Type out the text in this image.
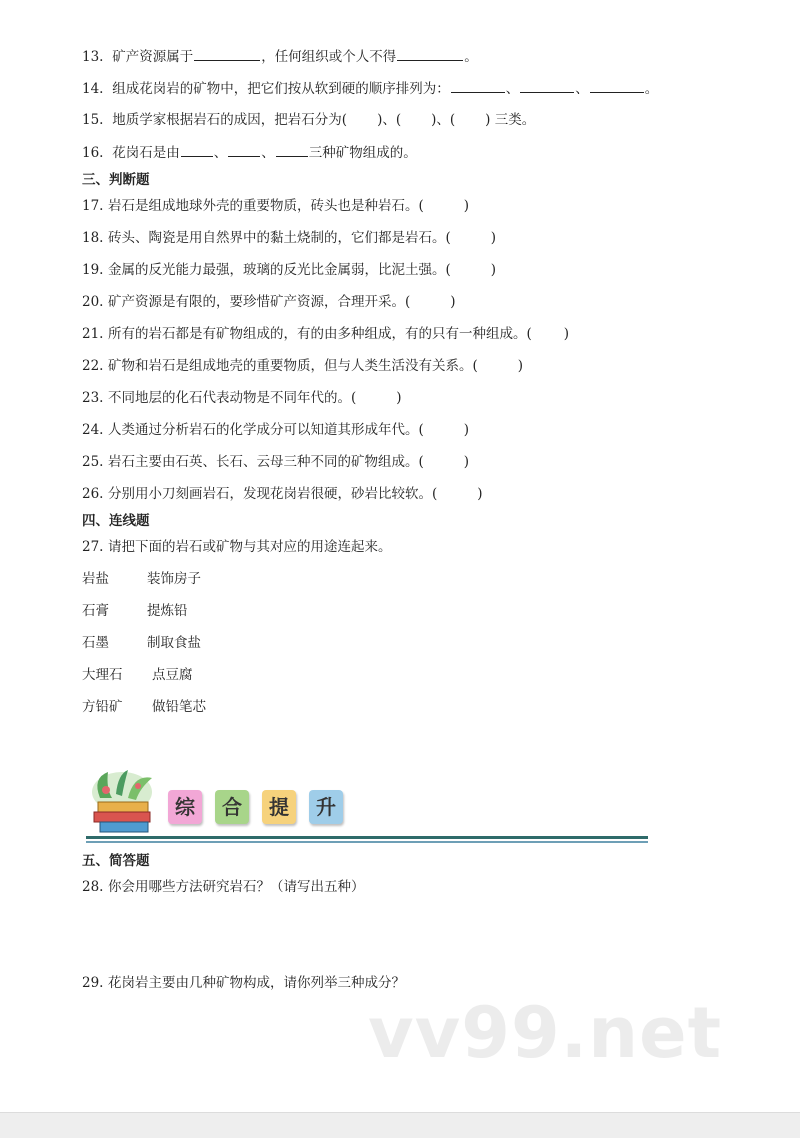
13. 矿产资源属于	，任何组织或个人不得	。
14. 组成花岗岩的矿物中，把它们按从软到硬的顺序排列为：	、	、	。
15. 地质学家根据岩石的成因，把岩石分为( )、( )、( ) 三类。
16. 花岗石是由	、	、	三种矿物组成的。
三、判断题
17. 岩石是组成地球外壳的重要物质，砖头也是种岩石。(	)
18. 砖头、陶瓷是用自然界中的黏土烧制的，它们都是岩石。(	)
19. 金属的反光能力最强，玻璃的反光比金属弱，比泥土强。(	)
20. 矿产资源是有限的，要珍惜矿产资源，合理开采。(	)
21. 所有的岩石都是有矿物组成的，有的由多种组成，有的只有一种组成。( )
22. 矿物和岩石是组成地壳的重要物质，但与人类生活没有关系。(	)
23. 不同地层的化石代表动物是不同年代的。(	)
24. 人类通过分析岩石的化学成分可以知道其形成年代。(	)
25. 岩石主要由石英、长石、云母三种不同的矿物组成。(	)
26. 分别用小刀刻画岩石，发现花岗岩很硬，砂岩比较软。(	)
四、连线题
27. 请把下面的岩石或矿物与其对应的用途连起来。
岩盐	装饰房子
石膏	提炼铅
石墨	制取食盐
大理石 点豆腐
方铅矿 做铅笔芯
综	合	提	升
五、简答题
28. 你会用哪些方法研究岩石？（请写出五种）
29. 花岗岩主要由几种矿物构成，请你列举三种成分？
vv99.net
